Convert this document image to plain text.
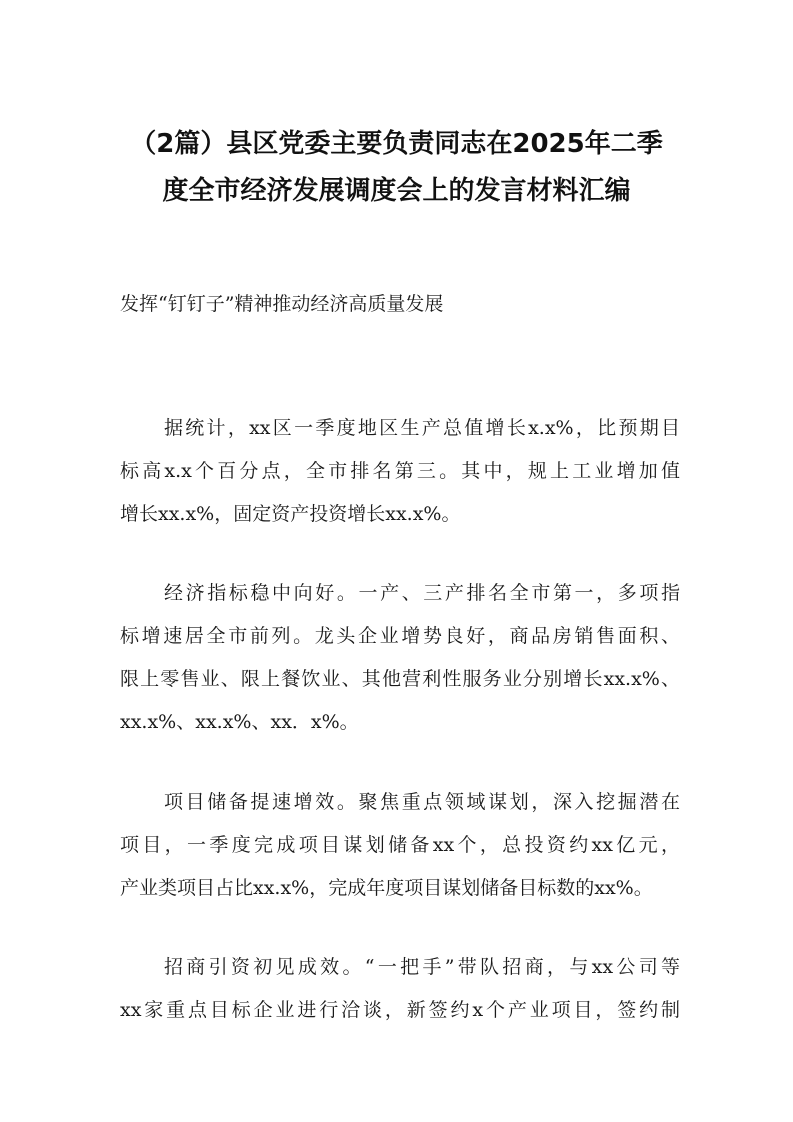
（2篇）县区党委主要负责同志在2025年二季
度全市经济发展调度会上的发言材料汇编
发挥“钉钉子”精神推动经济高质量发展
据统计，xx区一季度地区生产总值增长x.x%，比预期目
标高x.x个百分点，全市排名第三。其中，规上工业增加值
增长xx.x%，固定资产投资增长xx.x%。
经济指标稳中向好。一产、三产排名全市第一，多项指
标增速居全市前列。龙头企业增势良好，商品房销售面积、
限上零售业、限上餐饮业、其他营利性服务业分别增长xx.x%、
xx.x%、xx.x%、xx．x%。
项目储备提速增效。聚焦重点领域谋划，深入挖掘潜在
项目，一季度完成项目谋划储备xx个，总投资约xx亿元，
产业类项目占比xx.x%，完成年度项目谋划储备目标数的xx%。
招商引资初见成效。“一把手”带队招商，与xx公司等
xx家重点目标企业进行洽谈，新签约x个产业项目，签约制
